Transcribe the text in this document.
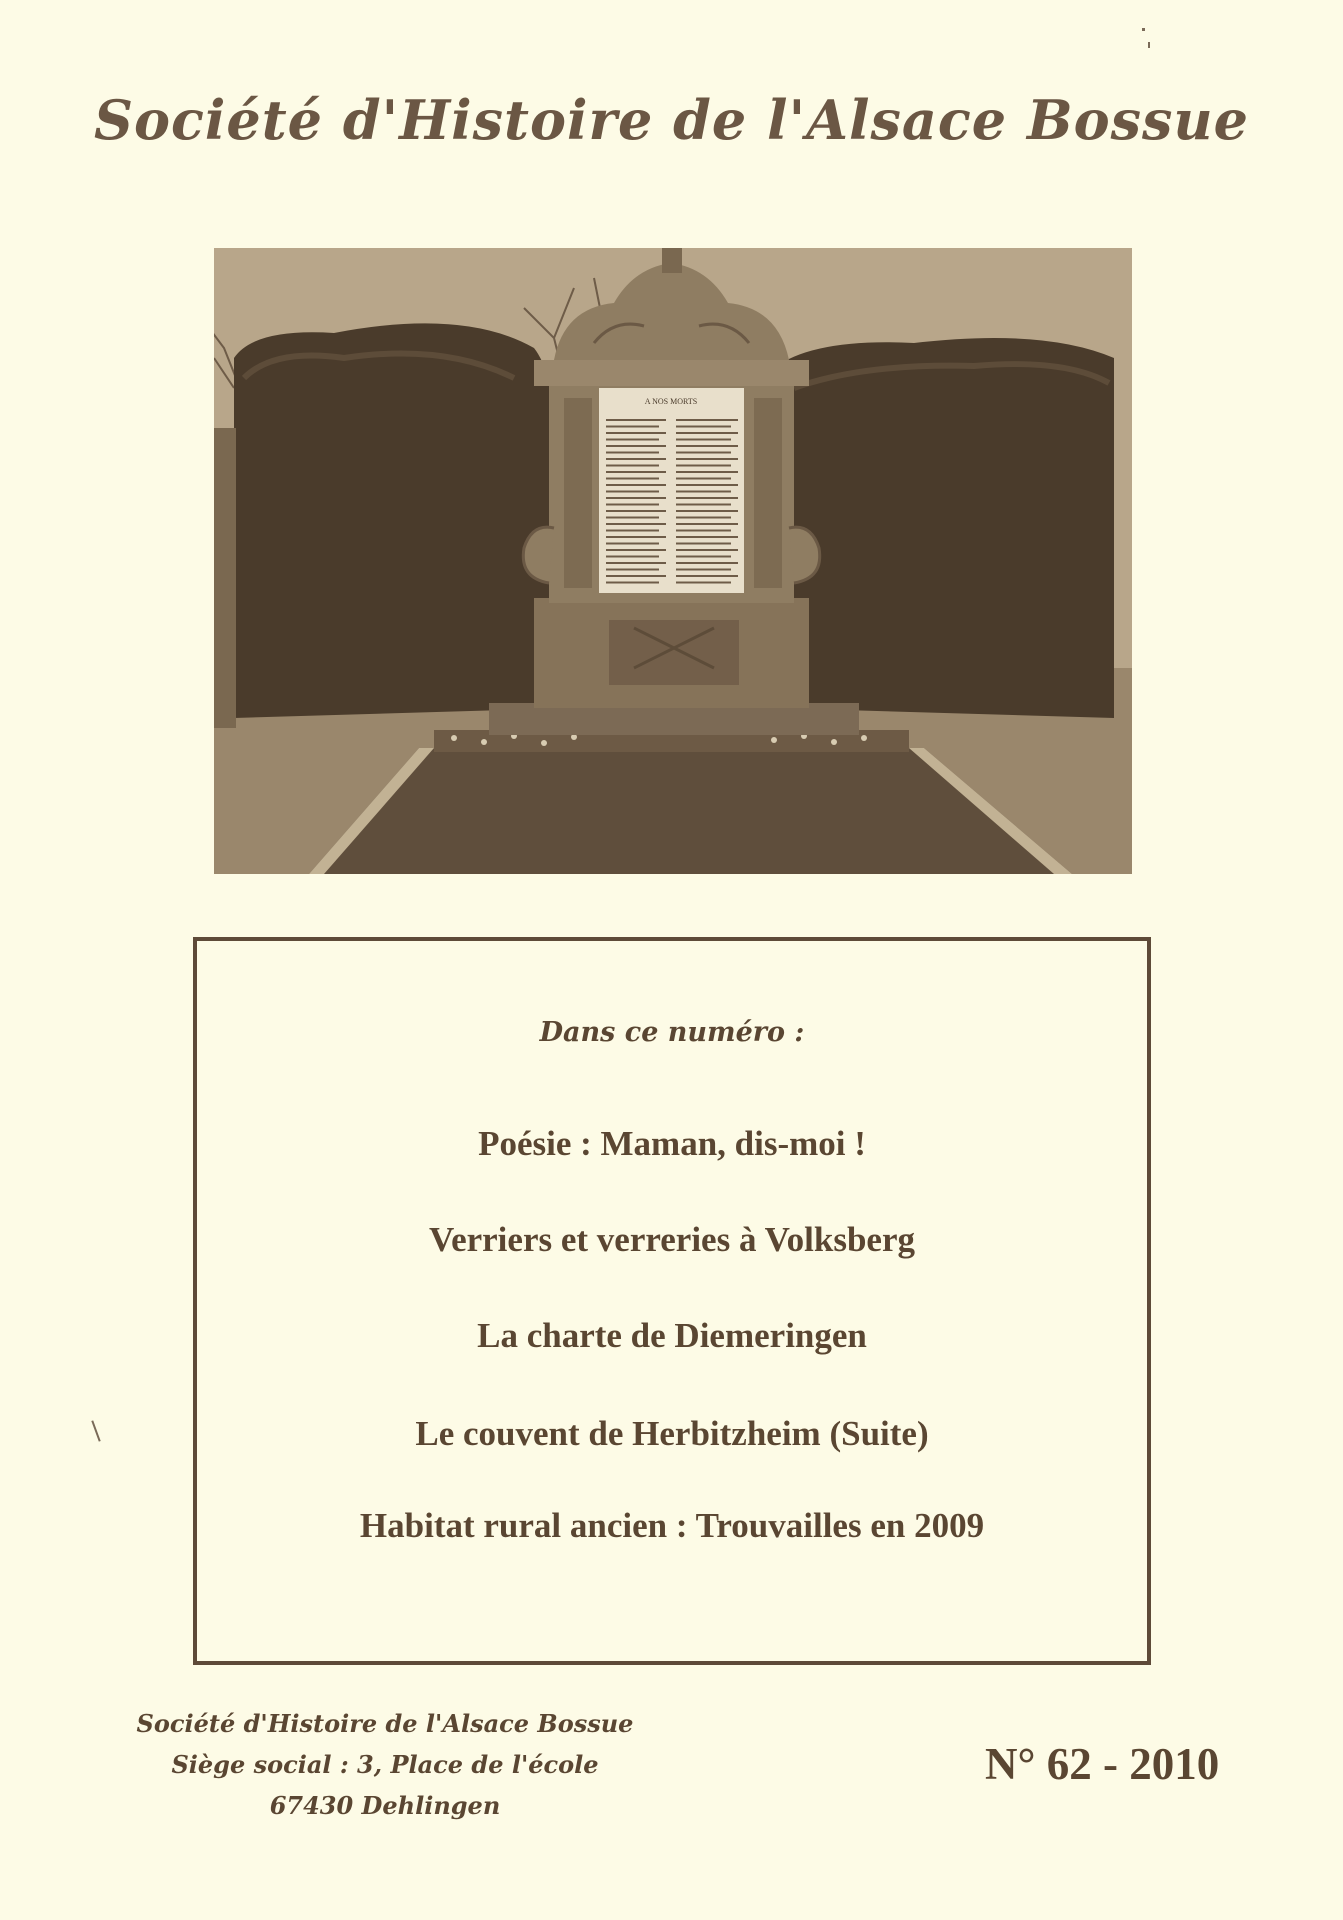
Société d'Histoire de l'Alsace Bossue
A NOS MORTS
Dans ce numéro :
Poésie : Maman, dis-moi !
Verriers et verreries à Volksberg
La charte de Diemeringen
Le couvent de Herbitzheim (Suite)
Habitat rural ancien : Trouvailles en 2009
Société d'Histoire de l'Alsace Bossue
Siège social : 3, Place de l'école
67430 Dehlingen
N° 62 - 2010
